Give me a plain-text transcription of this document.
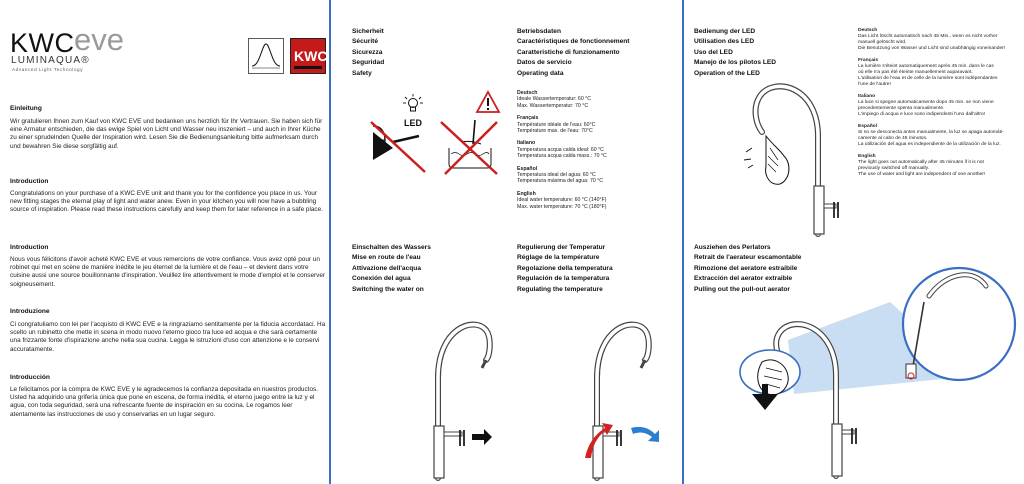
KWC eve
LUMINAQUA®
Advanced Light Technology
KWC
Einleitung
Wir gratulieren Ihnen zum Kauf von KWC EVE und bedanken uns herzlich für Ihr Vertrauen. Sie haben sich für eine Armatur entschieden, die das ewige Spiel von Licht und Wasser neu inszeniert – und auch in Ihrer Küche zu einer sprudelnden Quelle der Inspiration wird. Lesen Sie die Bedienungsanleitung bitte aufmerksam durch und bewahren Sie diese sorgfältig auf.
Introduction
Congratulations on your purchase of a KWC EVE unit and thank you for the confidence you place in us. Your new fitting stages the eternal play of light and water anew. Even in your kitchen you will now have a bubbling source of inspiration. Please read these instructions carefully and keep them for later reference in a safe place.
Introduction
Nous vous félicitons d'avoir acheté KWC EVE et vous remercions de votre confiance. Vous avez opté pour un robinet qui met en scène de manière inédite le jeu éternel de la lumière et de l'eau – et devient dans votre cuisine aussi une source bouillonnante d'inspiration. Veuillez lire attentivement le mode d'emploi et le conserver soigneusement.
Introduzione
Ci congratuliamo con lei per l'acquisto di KWC EVE e la ringraziamo sentitamente per la fiducia accordataci. Ha scelto un rubinetto che mette in scena in modo nuovo l'eterno gioco tra luce ed acqua e che sarà certamente una frizzante fonte d'ispirazione anche nella sua cucina. Legga le istruzioni d'uso con attenzione e le conservi accuratamente.
Introducción
Le felicitamos por la compra de KWC EVE y le agradecemos la confianza depositada en nuestros productos. Usted ha adquirido una grifería única que pone en escena, de forma inédita, el eterno juego entre la luz y el agua, con toda seguridad, será una refrescante fuente de inspiración en su cocina. Le rogamos leer atentamente las instrucciones de uso y conservarlas en un lugar seguro.
Sicherheit
Sécurité
Sicurezza
Seguridad
Safety
LED
Betriebsdaten
Caractéristiques de fonctionnement
Caratteristiche di funzionamento
Datos de servicio
Operating data
Deutsch
Ideale Wassertemperatur: 60 °C
Max. Wassertemperatur: 70 °C
Français
Température idéale de l'eau: 60°C
Température max. de l'eau: 70°C
Italiano
Temperatura acqua calda ideal: 60 °C
Temperatura acqua calda mass.: 70 °C
Español
Temperatura ideal del agua: 60 °C
Temperatura máxima del agua: 70 °C
English
Ideal water temperature: 60 °C (140°F)
Max. water temperature: 70 °C (180°F)
Einschalten des Wassers
Mise en route de l'eau
Attivazione dell'acqua
Conexión del agua
Switching the water on
Regulierung der Temperatur
Réglage de la température
Regolazione della temperatura
Regulación de la temperatura
Regulating the temperature
Bedienung der LED
Utilisation des LED
Uso del LED
Manejo de los pilotos LED
Operation of the LED
Deutsch
Das Licht löscht automatisch nach 45 Min., wenn es nicht vorher
manuell gelöscht wird.
Die Benutzung von Wasser und Licht sind unabhängig voneinander!
Français
La lumière s'éteint automatiquement après 45 min. dans le cas
où elle n'a pas été éteinte manuellement auparavant.
L'utilisation de l'eau et de celle de la lumière sont indépendantes
l'une de l'autre!
Italiano
La luce si spegne automaticamente dopo 45 min. se non viene
precedentemente spenta manualmente.
L'impiego di acqua e luce sono indipendenti l'uno dall'altro!
Español
Si no se desconecta antes manualmente, la luz se apaga automáti-
camente al cabo de 45 minutos.
La utilización del agua es independiente de la utilización de la luz.
English
The light goes out automatically after 45 minutes if it is not
previously switched off manually.
The use of water and light are independent of one another!
Ausziehen des Perlators
Retrait de l'aerateur escamontable
Rimozione del aeratore estraibile
Extracción del aerator extraible
Pulling out the pull-out aerator
